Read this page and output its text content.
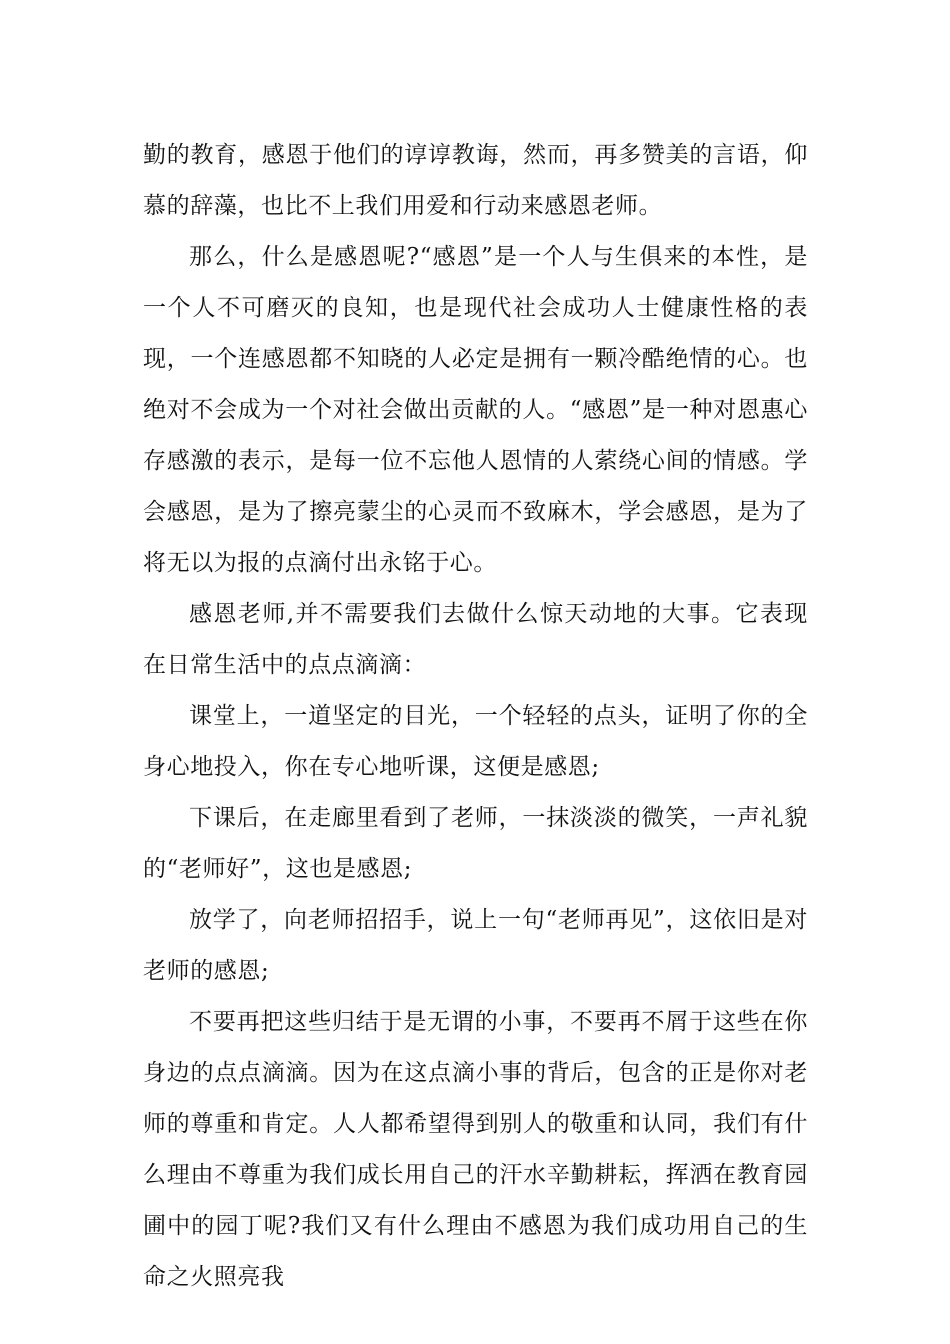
勤的教育，感恩于他们的谆谆教诲，然而，再多赞美的言语，仰慕的辞藻，也比不上我们用爱和行动来感恩老师。

那么，什么是感恩呢?“感恩”是一个人与生俱来的本性，是一个人不可磨灭的良知，也是现代社会成功人士健康性格的表现，一个连感恩都不知晓的人必定是拥有一颗冷酷绝情的心。也绝对不会成为一个对社会做出贡献的人。“感恩”是一种对恩惠心存感激的表示，是每一位不忘他人恩情的人萦绕心间的情感。学会感恩，是为了擦亮蒙尘的心灵而不致麻木，学会感恩，是为了将无以为报的点滴付出永铭于心。

感恩老师,并不需要我们去做什么惊天动地的大事。它表现在日常生活中的点点滴滴：

课堂上，一道坚定的目光，一个轻轻的点头，证明了你的全身心地投入，你在专心地听课，这便是感恩;

下课后，在走廊里看到了老师，一抹淡淡的微笑，一声礼貌的“老师好”，这也是感恩;

放学了，向老师招招手，说上一句“老师再见”，这依旧是对老师的感恩;

不要再把这些归结于是无谓的小事，不要再不屑于这些在你身边的点点滴滴。因为在这点滴小事的背后，包含的正是你对老师的尊重和肯定。人人都希望得到别人的敬重和认同，我们有什么理由不尊重为我们成长用自己的汗水辛勤耕耘，挥洒在教育园圃中的园丁呢?我们又有什么理由不感恩为我们成功用自己的生命之火照亮我
